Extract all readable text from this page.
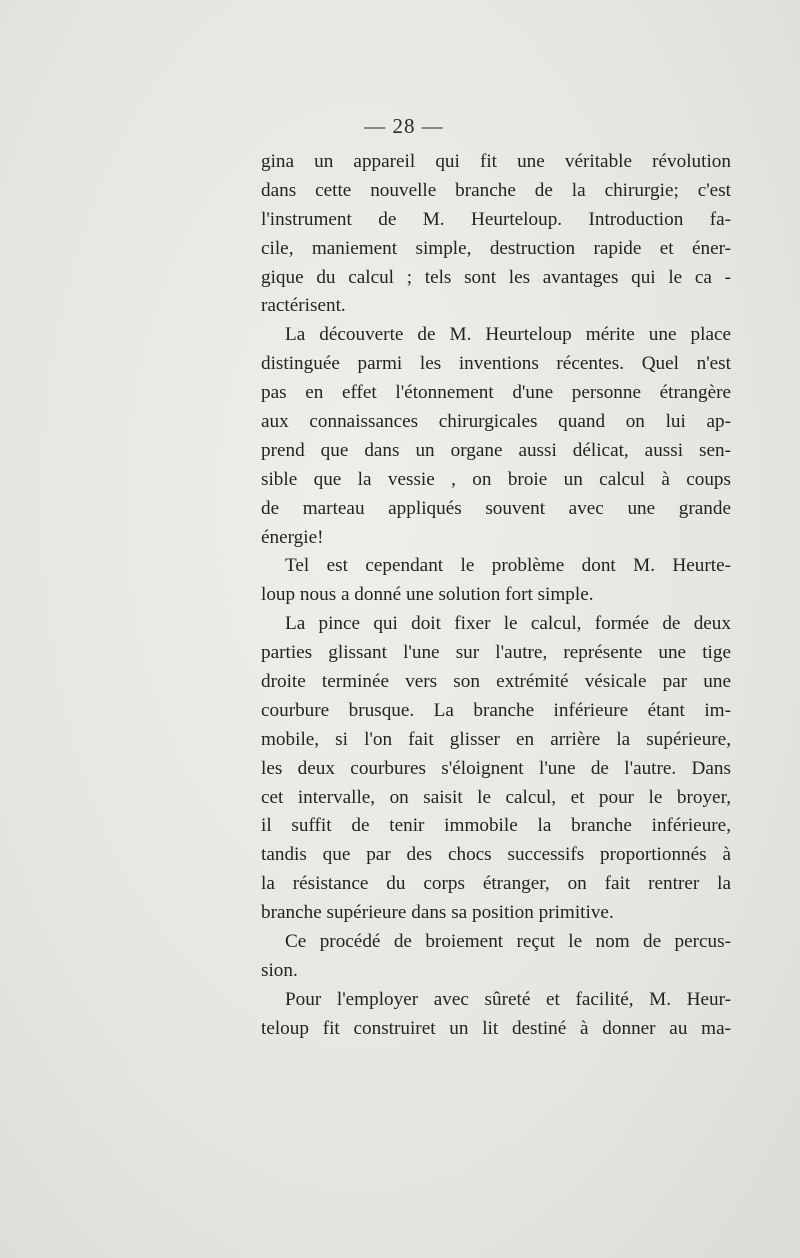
— 28 —
gina un appareil qui fit une véritable révolution
dans cette nouvelle branche de la chirurgie; c'est
l'instrument de M. Heurteloup. Introduction fa-
cile, maniement simple, destruction rapide et éner-
gique du calcul ; tels sont les avantages qui le ca -
ractérisent.
La découverte de M. Heurteloup mérite une place
distinguée parmi les inventions récentes. Quel n'est
pas en effet l'étonnement d'une personne étrangère
aux connaissances chirurgicales quand on lui ap-
prend que dans un organe aussi délicat, aussi sen-
sible que la vessie , on broie un calcul à coups
de marteau appliqués souvent avec une grande
énergie!
Tel est cependant le problème dont M. Heurte-
loup nous a donné une solution fort simple.
La pince qui doit fixer le calcul, formée de deux
parties glissant l'une sur l'autre, représente une tige
droite terminée vers son extrémité vésicale par une
courbure brusque. La branche inférieure étant im-
mobile, si l'on fait glisser en arrière la supérieure,
les deux courbures s'éloignent l'une de l'autre. Dans
cet intervalle, on saisit le calcul, et pour le broyer,
il suffit de tenir immobile la branche inférieure,
tandis que par des chocs successifs proportionnés à
la résistance du corps étranger, on fait rentrer la
branche supérieure dans sa position primitive.
Ce procédé de broiement reçut le nom de percus-
sion.
Pour l'employer avec sûreté et facilité, M. Heur-
teloup fit construiret un lit destiné à donner au ma-
